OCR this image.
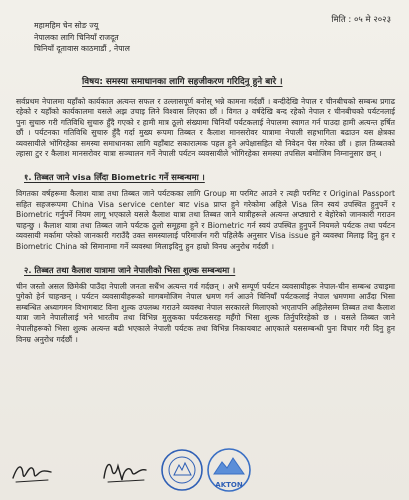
मिति : ०५ मे २०२३
महामहिम चेन सोङ ज्यू
नेपालका लागि चिनियाँ राजदूत
चिनियाँ दूतावास काठमाडौं , नेपाल
विषय: समस्या समाधानका लागि सहजीकरण गरिदिनु हुने बारे ।

सर्वप्रथम नेपालमा यहाँको कार्यकाल अत्यन्त सफल र उल्लासपूर्ण बनोस् भन्ने कामना गर्दछौं । बन्दीदेखि नेपाल र चीनबीचको सम्बन्ध प्रगाढ रहेको र यहाँको कार्यकालमा यसले अझ उचाइ लिने विश्वास लिएका छौं । विगत ३ वर्षदेखि बन्द रहेको नेपाल र चीनबीचको पर्यटनलाई पुनः सुचारु गरी गतिविधि सुचारु हुँदै गएको र हामी मात्र ठूलो संख्यामा चिनियाँ पर्यटकलाई नेपालमा स्वागत गर्न पाउदा हामी अत्यन्त हर्षित छौं । पर्यटनका गतिविधि सुचारु हुँदै गर्दा मुख्य रूपमा तिब्बत र कैलाश मानसरोवर यात्रामा नेपाली सहभागिता बढाउन यस क्षेत्रका व्यवसायीले भोगिरहेका समस्या समाधानका लागि यहाँबाट सकारात्मक पहल हुने अपेक्षासहित यो निवेदन पेस गरेका छौं । हाल तिब्बतको ल्हासा टुर र कैलाश मानसरोवर यात्रा सञ्चालन गर्ने नेपाली पर्यटन व्यवसायीले भोगिरहेका समस्या तपसिल बमोजिम निम्नानुसार छन् ।

१. तिब्बत जाने visa लिँदा Biometric गर्ने सम्बन्धमा ।

विगतका वर्षहरूमा कैलाश यात्रा तथा तिब्बत जाने पर्यटकका लागि Group मा परमिट आउने र त्यही परमिट र Original Passport सहित सहजरूपमा China Visa service center बाट visa प्राप्त हुने गरेकोमा अहिले Visa लिन स्वयं उपस्थित हुनुपर्ने र Biometric गर्नुपर्ने नियम लागू भएकाले यसले कैलाश यात्रा तथा तिब्बत जाने यात्रीहरूले अत्यन्त अप्ठ्यारो र बेहोरेको जानकारी गराउन चाहन्छु । कैलाश यात्रा तथा तिब्बत जाने पर्यटक ठूलो समूहमा हुने र Biometric गर्न स्वयं उपस्थित हुनुपर्ने नियमले पर्यटक तथा पर्यटन व्यवसायी मर्कामा परेको जानकारी गराउँदै उक्त समस्यालाई परिमार्जन गरी पहिलेकै अनुसार Visa issue हुने व्यवस्था मिलाइ दिनु हुन र Biometric China को सिमानामा गर्ने व्यवस्था मिलाइदिनु हुन हाम्रो विनम्र अनुरोध गर्दछौं ।

२. तिब्बत तथा कैलाश यात्रामा जाने नेपालीको भिसा शुल्क सम्बन्धमा ।

चीन जस्तो असल छिमेकी पाउँदा नेपाली जनता सधैंभ अत्यन्त गर्व गर्दछन् । अभै सम्पूर्ण पर्यटन व्यवसायीहरू नेपाल-चीन सम्बन्ध उचाइमा पुगेको हेर्न चाहन्छन् । पर्यटन व्यवसायीहरूको मागबमोजिम नेपाल भ्रमण गर्न आउने चिनियाँ पर्यटकलाई नेपाल भ्रमणमा आउँदा भिसा सम्बन्धित अध्यागमन विभागबाट विना शुल्क उपलब्ध गराउने व्यवस्था नेपाल सरकारले मिलाएको भएतापनि अहिलेसम्म तिब्बत तथा कैलाश यात्रा जाने नेपालीलाई भने भारतीय तथा विभिन्न मुलुकका पर्यटकसरह महँगो भिसा शुल्क तिर्नुपरिरहेको छ । यसले तिब्बत जाने नेपालीहरूको भिसा शुल्क अत्यन्त बढी भएकाले नेपाली पर्यटक तथा विभिन्न निकायबाट आएकाले यससम्बन्धी पुनः विचार गरी दिनु हुन विनम्र अनुरोध गर्दछौं ।

AKTON
